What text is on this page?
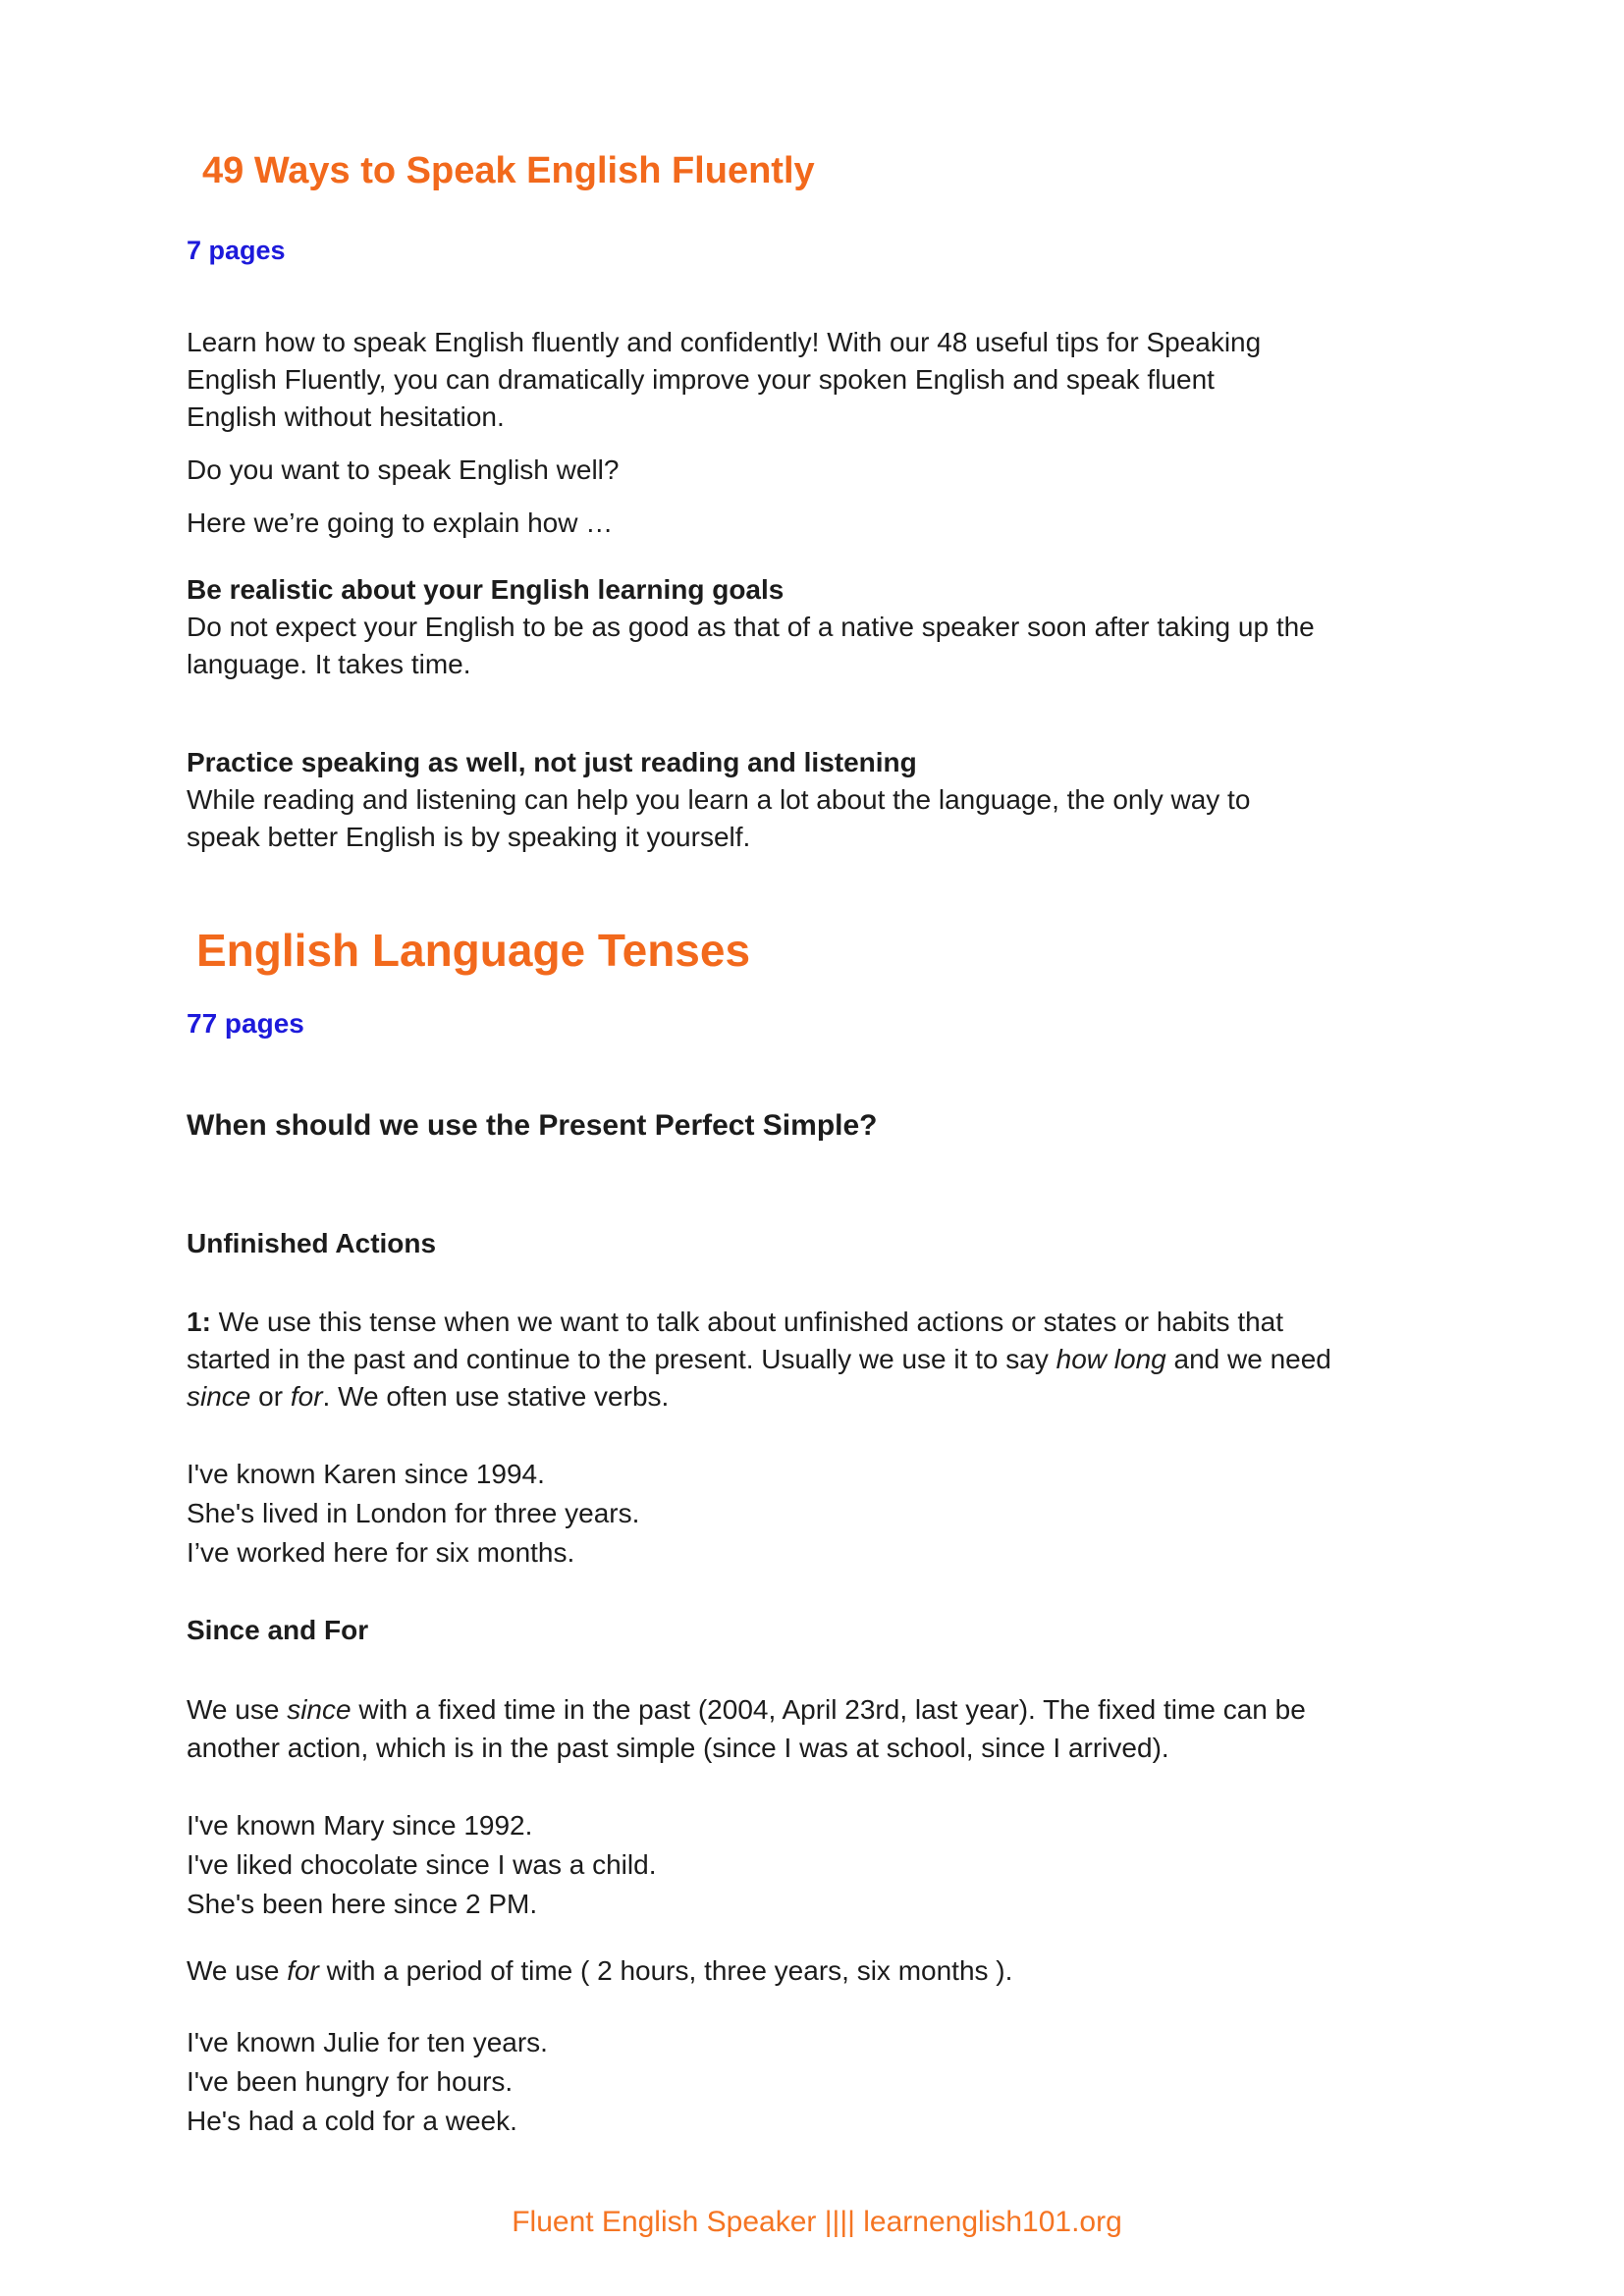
49 Ways to Speak English Fluently
7 pages
Learn how to speak English fluently and confidently! With our 48 useful tips for Speaking
English Fluently, you can dramatically improve your spoken English and speak fluent
English without hesitation.

Do you want to speak English well?

Here we’re going to explain how …

Be realistic about your English learning goals
Do not expect your English to be as good as that of a native speaker soon after taking up the
language. It takes time.
Practice speaking as well, not just reading and listening
While reading and listening can help you learn a lot about the language, the only way to
speak better English is by speaking it yourself.
English Language Tenses
77 pages
When should we use the Present Perfect Simple?
Unfinished Actions
1: We use this tense when we want to talk about unfinished actions or states or habits that
started in the past and continue to the present. Usually we use it to say how long and we need
since or for. We often use stative verbs.
I've known Karen since 1994.
She's lived in London for three years.
I’ve worked here for six months.
Since and For
We use since with a fixed time in the past (2004, April 23rd, last year). The fixed time can be
another action, which is in the past simple (since I was at school, since I arrived).
I've known Mary since 1992.
I've liked chocolate since I was a child.
She's been here since 2 PM.
We use for with a period of time ( 2 hours, three years, six months ).
I've known Julie for ten years.
I've been hungry for hours.
He's had a cold for a week.
Fluent English Speaker |||| learnenglish101.org
